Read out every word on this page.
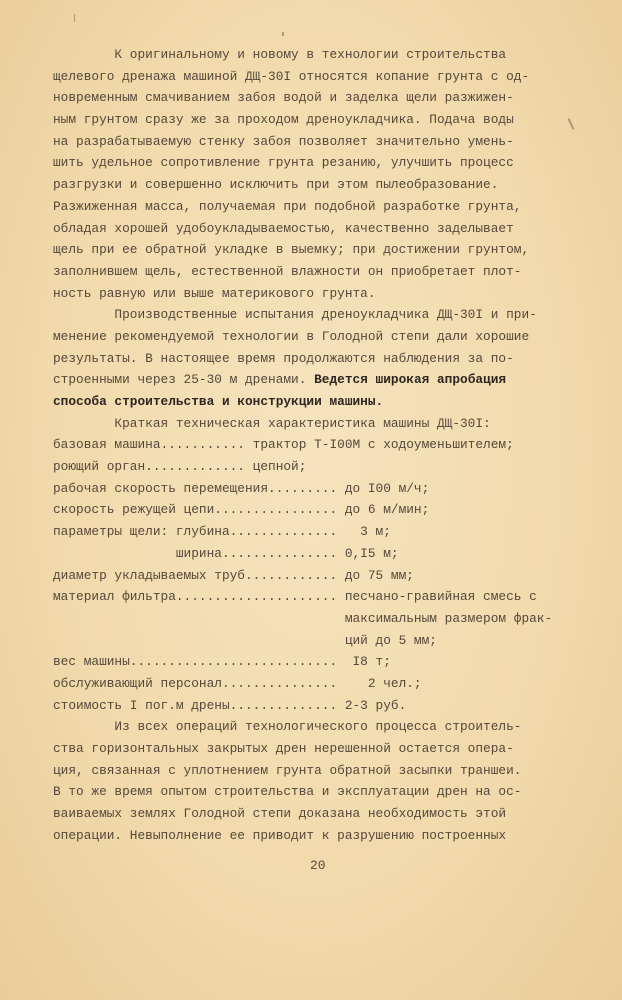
К оригинальному и новому в технологии строительства
щелевого дренажа машиной ДЩ-30I относятся копание грунта с од-
новременным смачиванием забоя водой и заделка щели разжижен-
ным грунтом сразу же за проходом дреноукладчика. Подача воды
на разрабатываемую стенку забоя позволяет значительно умень-
шить удельное сопротивление грунта резанию, улучшить процесс
разгрузки и совершенно исключить при этом пылеобразование.
Разжиженная масса, получаемая при подобной разработке грунта,
обладая хорошей удобоукладываемостью, качественно заделывает
щель при ее обратной укладке в выемку; при достижении грунтом,
заполнившем щель, естественной влажности он приобретает плот-
ность равную или выше материкового грунта.
Производственные испытания дреноукладчика ДЩ-30I и при-
менение рекомендуемой технологии в Голодной степи дали хорошие
результаты. В настоящее время продолжаются наблюдения за по-
строенными через 25-30 м дренами. Ведется широкая апробация
способа строительства и конструкции машины.
Краткая техническая характеристика машины ДЩ-30I:
базовая машина........... трактор Т-I00М с ходоуменьшителем;
роющий орган............. цепной;
рабочая скорость перемещения......... до I00 м/ч;
скорость режущей цепи................ до 6 м/мин;
параметры щели: глубина..............   3 м;
ширина............... 0,I5 м;
диаметр укладываемых труб............ до 75 мм;
материал фильтра..................... песчано-гравийная смесь с
максимальным размером фрак-
ций до 5 мм;
вес машины...........................  I8 т;
обслуживающий персонал...............    2 чел.;
стоимость I пог.м дрены.............. 2-3 руб.
Из всех операций технологического процесса строитель-
ства горизонтальных закрытых дрен нерешенной остается опера-
ция, связанная с уплотнением грунта обратной засыпки траншеи.
В то же время опытом строительства и эксплуатации дрен на ос-
ваиваемых землях Голодной степи доказана необходимость этой
операции. Невыполнение ее приводит к разрушению построенных
20
